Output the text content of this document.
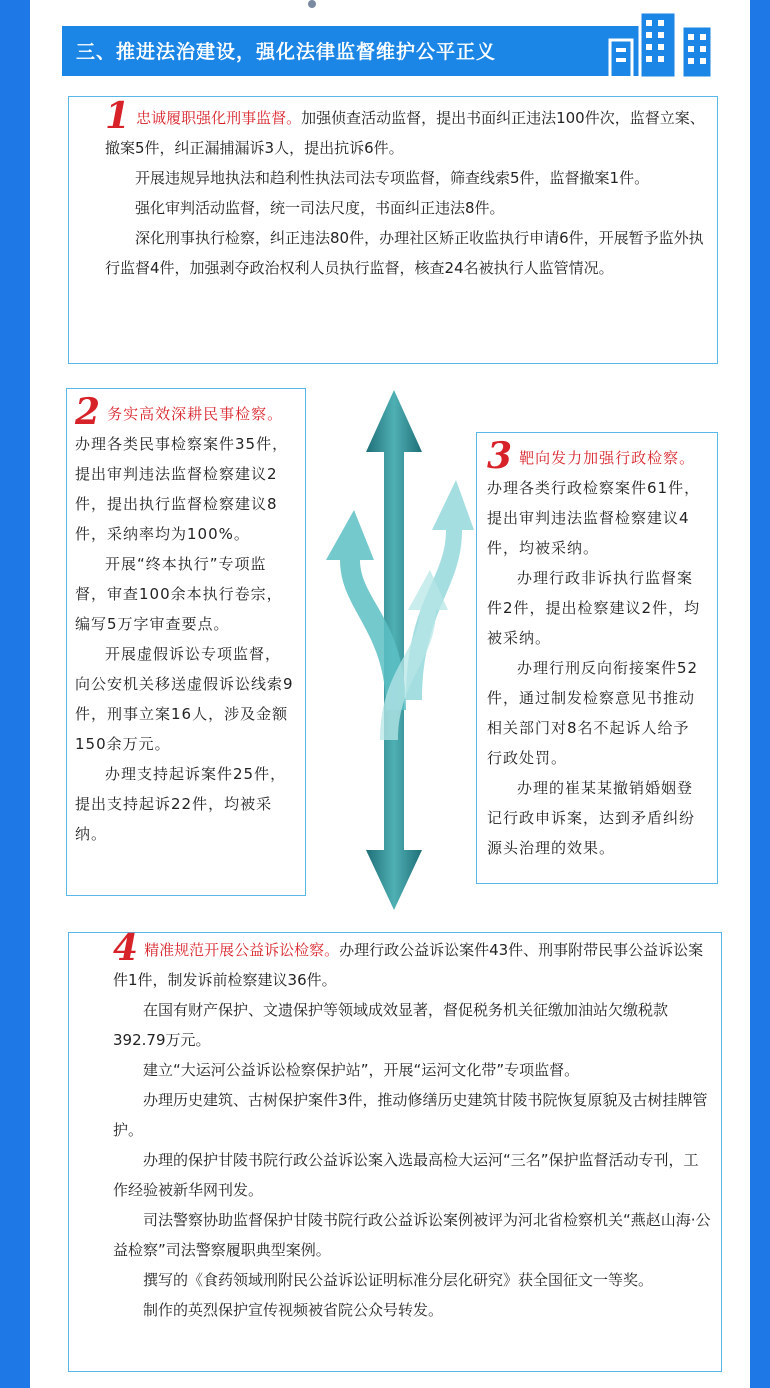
三、推进法治建设，强化法律监督维护公平正义

1 忠诚履职强化刑事监督。加强侦查活动监督，提出书面纠正违法100件次，监督立案、撤案5件，纠正漏捕漏诉3人，提出抗诉6件。

开展违规异地执法和趋利性执法司法专项监督，筛查线索5件，监督撤案1件。

强化审判活动监督，统一司法尺度，书面纠正违法8件。

深化刑事执行检察，纠正违法80件，办理社区矫正收监执行申请6件，开展暂予监外执行监督4件，加强剥夺政治权利人员执行监督，核查24名被执行人监管情况。

2 务实高效深耕民事检察。

办理各类民事检察案件35件，提出审判违法监督检察建议2件，提出执行监督检察建议8件，采纳率均为100%。

开展“终本执行”专项监督，审查100余本执行卷宗，编写5万字审查要点。

开展虚假诉讼专项监督，向公安机关移送虚假诉讼线索9件，刑事立案16人，涉及金额150余万元。

办理支持起诉案件25件，提出支持起诉22件，均被采纳。

3 靶向发力加强行政检察。办理各类行政检察案件61件，提出审判违法监督检察建议4件，均被采纳。

办理行政非诉执行监督案件2件，提出检察建议2件，均被采纳。

办理行刑反向衔接案件52件，通过制发检察意见书推动相关部门对8名不起诉人给予行政处罚。

办理的崔某某撤销婚姻登记行政申诉案，达到矛盾纠纷源头治理的效果。

4 精准规范开展公益诉讼检察。办理行政公益诉讼案件43件、刑事附带民事公益诉讼案件1件，制发诉前检察建议36件。

在国有财产保护、文遗保护等领域成效显著，督促税务机关征缴加油站欠缴税款392.79万元。

建立“大运河公益诉讼检察保护站”，开展“运河文化带”专项监督。

办理历史建筑、古树保护案件3件，推动修缮历史建筑甘陵书院恢复原貌及古树挂牌管护。

办理的保护甘陵书院行政公益诉讼案入选最高检大运河“三名”保护监督活动专刊，工作经验被新华网刊发。

司法警察协助监督保护甘陵书院行政公益诉讼案例被评为河北省检察机关“燕赵山海·公益检察”司法警察履职典型案例。

撰写的《食药领域刑附民公益诉讼证明标准分层化研究》获全国征文一等奖。

制作的英烈保护宣传视频被省院公众号转发。
